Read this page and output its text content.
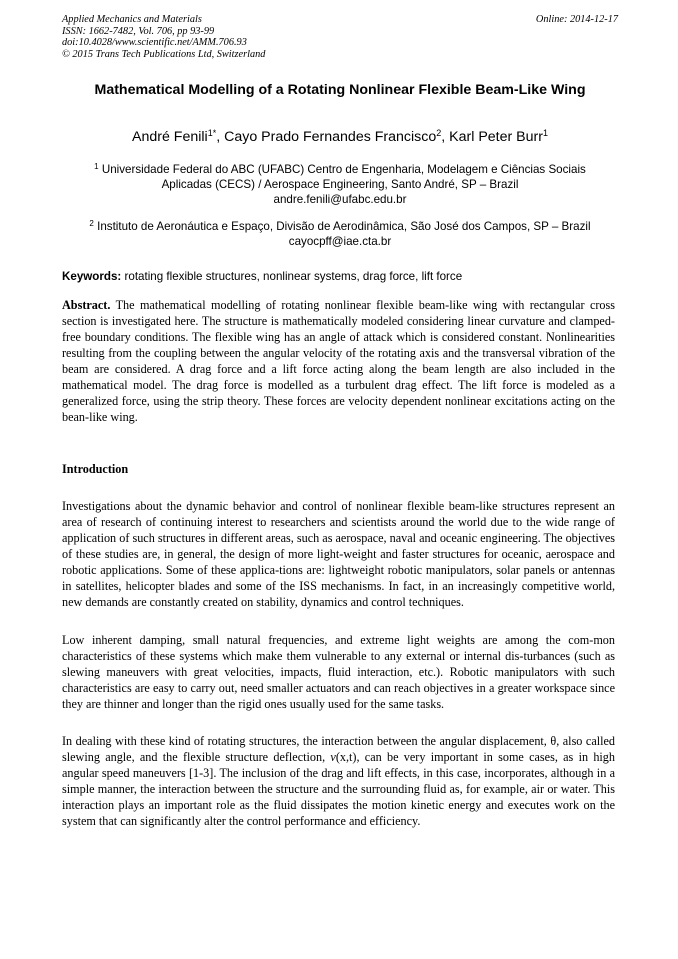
Applied Mechanics and Materials
ISSN: 1662-7482, Vol. 706, pp 93-99
doi:10.4028/www.scientific.net/AMM.706.93
© 2015 Trans Tech Publications Ltd, Switzerland
Online: 2014-12-17
Mathematical Modelling of a Rotating Nonlinear Flexible Beam-Like Wing
André Fenili$^{1*}$, Cayo Prado Fernandes Francisco$^2$, Karl Peter Burr$^1$
$^1$ Universidade Federal do ABC (UFABC) Centro de Engenharia, Modelagem e Ciências Sociais
Aplicadas (CECS) / Aerospace Engineering, Santo André, SP – Brazil
andre.fenili@ufabc.edu.br
$^2$ Instituto de Aeronáutica e Espaço, Divisão de Aerodinâmica, São José dos Campos, SP – Brazil
cayocpff@iae.cta.br
Keywords: rotating flexible structures, nonlinear systems, drag force, lift force

Abstract. The mathematical modelling of rotating nonlinear flexible beam-like wing with rectangular cross section is investigated here. The structure is mathematically modeled considering linear curvature and clamped-free boundary conditions. The flexible wing has an angle of attack which is considered constant. Nonlinearities resulting from the coupling between the angular velocity of the rotating axis and the transversal vibration of the beam are considered. A drag force and a lift force acting along the beam length are also included in the mathematical model. The drag force is modelled as a turbulent drag effect. The lift force is modeled as a generalized force, using the strip theory. These forces are velocity dependent nonlinear excitations acting on the bean-like wing.

Introduction

Investigations about the dynamic behavior and control of nonlinear flexible beam-like structures represent an area of research of continuing interest to researchers and scientists around the world due to the wide range of application of such structures in different areas, such as aerospace, naval and oceanic engineering. The objectives of these studies are, in general, the design of more light-weight and faster structures for oceanic, aerospace and robotic applications. Some of these applica-tions are: lightweight robotic manipulators, solar panels or antennas in satellites, helicopter blades and some of the ISS mechanisms. In fact, in an increasingly competitive world, new demands are constantly created on stability, dynamics and control techniques.

Low inherent damping, small natural frequencies, and extreme light weights are among the com-mon characteristics of these systems which make them vulnerable to any external or internal dis-turbances (such as slewing maneuvers with great velocities, impacts, fluid interaction, etc.). Robotic manipulators with such characteristics are easy to carry out, need smaller actuators and can reach objectives in a greater workspace since they are thinner and longer than the rigid ones usually used for the same tasks.

In dealing with these kind of rotating structures, the interaction between the angular displacement, θ, also called slewing angle, and the flexible structure deflection, v(x,t), can be very important in some cases, as in high angular speed maneuvers [1-3]. The inclusion of the drag and lift effects, in this case, incorporates, although in a simple manner, the interaction between the structure and the surrounding fluid as, for example, air or water. This interaction plays an important role as the fluid dissipates the motion kinetic energy and executes work on the system that can significantly alter the control performance and efficiency.
